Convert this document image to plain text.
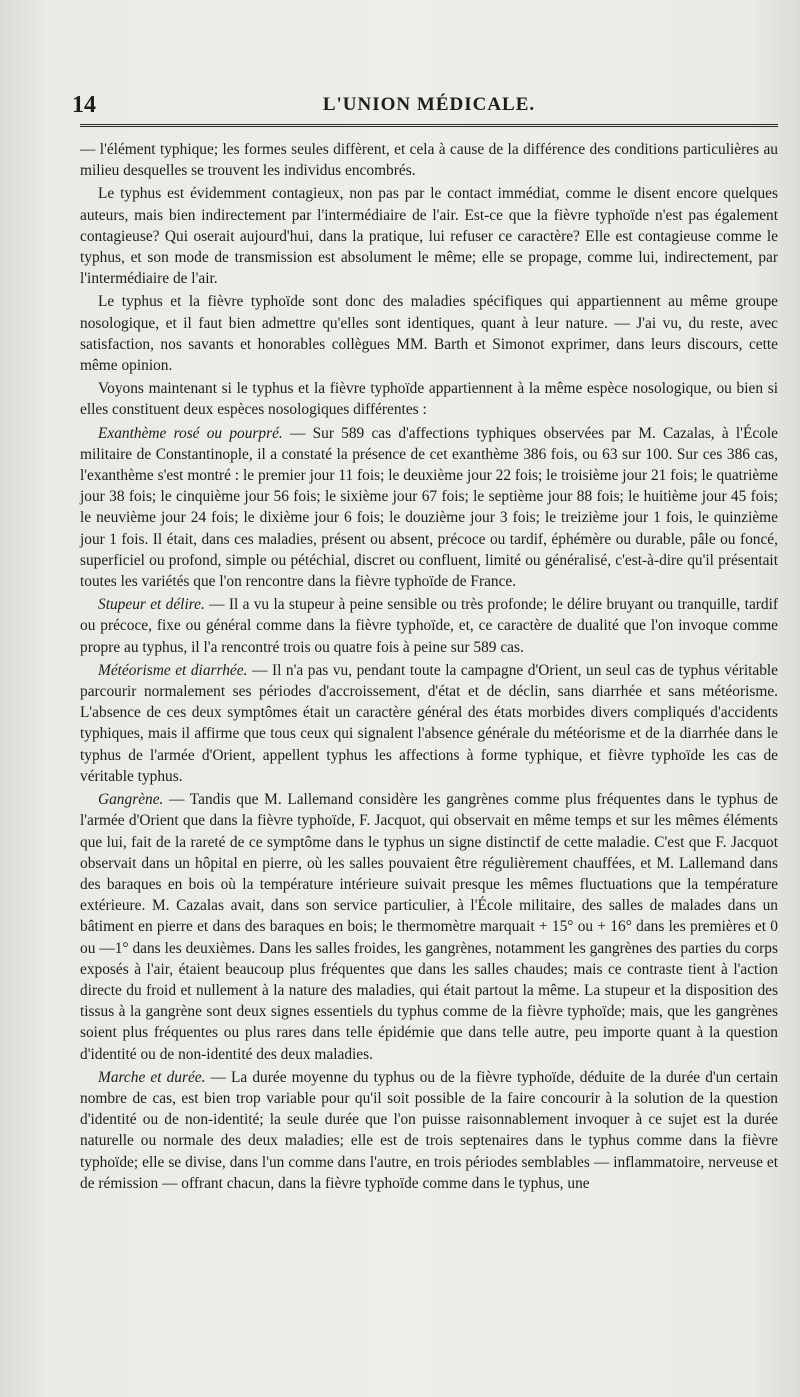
14	L'UNION MÉDICALE.

— l'élément typhique; les formes seules diffèrent, et cela à cause de la différence des conditions particulières au milieu desquelles se trouvent les individus encombrés.

Le typhus est évidemment contagieux, non pas par le contact immédiat, comme le disent encore quelques auteurs, mais bien indirectement par l'intermédiaire de l'air. Est-ce que la fièvre typhoïde n'est pas également contagieuse? Qui oserait aujourd'hui, dans la pratique, lui refuser ce caractère? Elle est contagieuse comme le typhus, et son mode de transmission est absolument le même; elle se propage, comme lui, indirectement, par l'intermédiaire de l'air.

Le typhus et la fièvre typhoïde sont donc des maladies spécifiques qui appartiennent au même groupe nosologique, et il faut bien admettre qu'elles sont identiques, quant à leur nature. — J'ai vu, du reste, avec satisfaction, nos savants et honorables collègues MM. Barth et Simonot exprimer, dans leurs discours, cette même opinion.

Voyons maintenant si le typhus et la fièvre typhoïde appartiennent à la même espèce nosologique, ou bien si elles constituent deux espèces nosologiques différentes :

Exanthème rosé ou pourpré. — Sur 589 cas d'affections typhiques observées par M. Cazalas, à l'École militaire de Constantinople, il a constaté la présence de cet exanthème 386 fois, ou 63 sur 100. Sur ces 386 cas, l'exanthème s'est montré : le premier jour 11 fois; le deuxième jour 22 fois; le troisième jour 21 fois; le quatrième jour 38 fois; le cinquième jour 56 fois; le sixième jour 67 fois; le septième jour 88 fois; le huitième jour 45 fois; le neuvième jour 24 fois; le dixième jour 6 fois; le douzième jour 3 fois; le treizième jour 1 fois, le quinzième jour 1 fois. Il était, dans ces maladies, présent ou absent, précoce ou tardif, éphémère ou durable, pâle ou foncé, superficiel ou profond, simple ou pétéchial, discret ou confluent, limité ou généralisé, c'est-à-dire qu'il présentait toutes les variétés que l'on rencontre dans la fièvre typhoïde de France.

Stupeur et délire. — Il a vu la stupeur à peine sensible ou très profonde; le délire bruyant ou tranquille, tardif ou précoce, fixe ou général comme dans la fièvre typhoïde, et, ce caractère de dualité que l'on invoque comme propre au typhus, il l'a rencontré trois ou quatre fois à peine sur 589 cas.

Météorisme et diarrhée. — Il n'a pas vu, pendant toute la campagne d'Orient, un seul cas de typhus véritable parcourir normalement ses périodes d'accroissement, d'état et de déclin, sans diarrhée et sans météorisme. L'absence de ces deux symptômes était un caractère général des états morbides divers compliqués d'accidents typhiques, mais il affirme que tous ceux qui signalent l'absence générale du météorisme et de la diarrhée dans le typhus de l'armée d'Orient, appellent typhus les affections à forme typhique, et fièvre typhoïde les cas de véritable typhus.

Gangrène. — Tandis que M. Lallemand considère les gangrènes comme plus fréquentes dans le typhus de l'armée d'Orient que dans la fièvre typhoïde, F. Jacquot, qui observait en même temps et sur les mêmes éléments que lui, fait de la rareté de ce symptôme dans le typhus un signe distinctif de cette maladie. C'est que F. Jacquot observait dans un hôpital en pierre, où les salles pouvaient être régulièrement chauffées, et M. Lallemand dans des baraques en bois où la température intérieure suivait presque les mêmes fluctuations que la température extérieure. M. Cazalas avait, dans son service particulier, à l'École militaire, des salles de malades dans un bâtiment en pierre et dans des baraques en bois; le thermomètre marquait + 15° ou + 16° dans les premières et 0 ou —1° dans les deuxièmes. Dans les salles froides, les gangrènes, notamment les gangrènes des parties du corps exposés à l'air, étaient beaucoup plus fréquentes que dans les salles chaudes; mais ce contraste tient à l'action directe du froid et nullement à la nature des maladies, qui était partout la même. La stupeur et la disposition des tissus à la gangrène sont deux signes essentiels du typhus comme de la fièvre typhoïde; mais, que les gangrènes soient plus fréquentes ou plus rares dans telle épidémie que dans telle autre, peu importe quant à la question d'identité ou de non-identité des deux maladies.

Marche et durée. — La durée moyenne du typhus ou de la fièvre typhoïde, déduite de la durée d'un certain nombre de cas, est bien trop variable pour qu'il soit possible de la faire concourir à la solution de la question d'identité ou de non-identité; la seule durée que l'on puisse raisonnablement invoquer à ce sujet est la durée naturelle ou normale des deux maladies; elle est de trois septenaires dans le typhus comme dans la fièvre typhoïde; elle se divise, dans l'un comme dans l'autre, en trois périodes semblables — inflammatoire, nerveuse et de rémission — offrant chacun, dans la fièvre typhoïde comme dans le typhus, une
